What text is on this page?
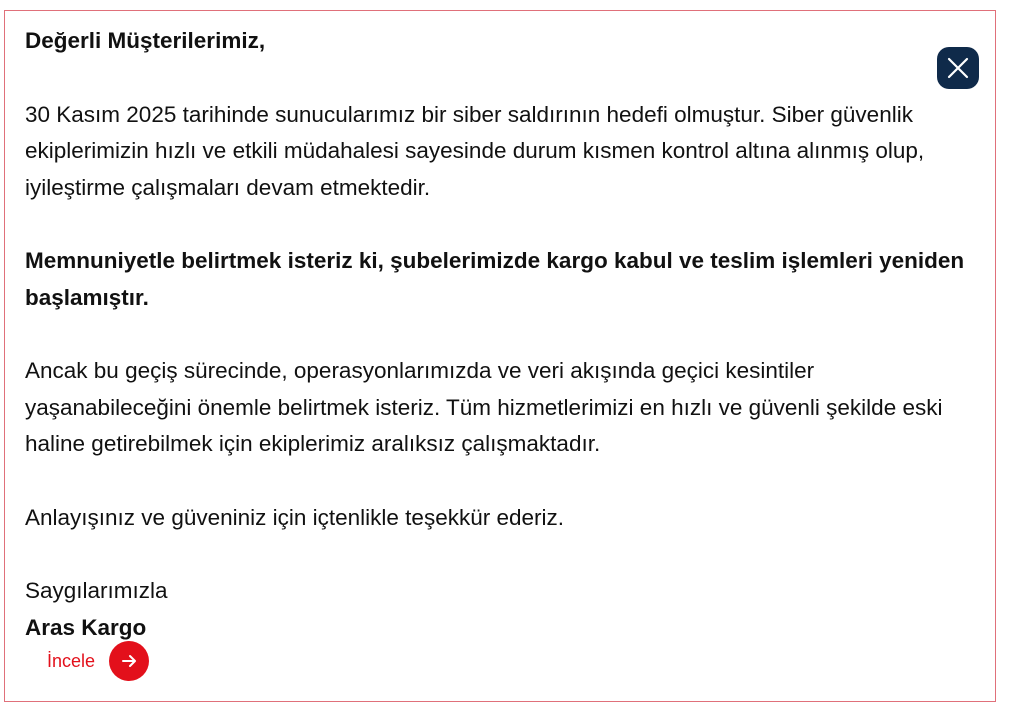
Değerli Müşterilerimiz,

30 Kasım 2025 tarihinde sunucularımız bir siber saldırının hedefi olmuştur. Siber güvenlik ekiplerimizin hızlı ve etkili müdahalesi sayesinde durum kısmen kontrol altına alınmış olup, iyileştirme çalışmaları devam etmektedir.

Memnuniyetle belirtmek isteriz ki, şubelerimizde kargo kabul ve teslim işlemleri yeniden başlamıştır.

Ancak bu geçiş sürecinde, operasyonlarımızda ve veri akışında geçici kesintiler yaşanabileceğini önemle belirtmek isteriz. Tüm hizmetlerimizi en hızlı ve güvenli şekilde eski haline getirebilmek için ekiplerimiz aralıksız çalışmaktadır.

Anlayışınız ve güveniniz için içtenlikle teşekkür ederiz.

Saygılarımızla

Aras Kargo

İncele
